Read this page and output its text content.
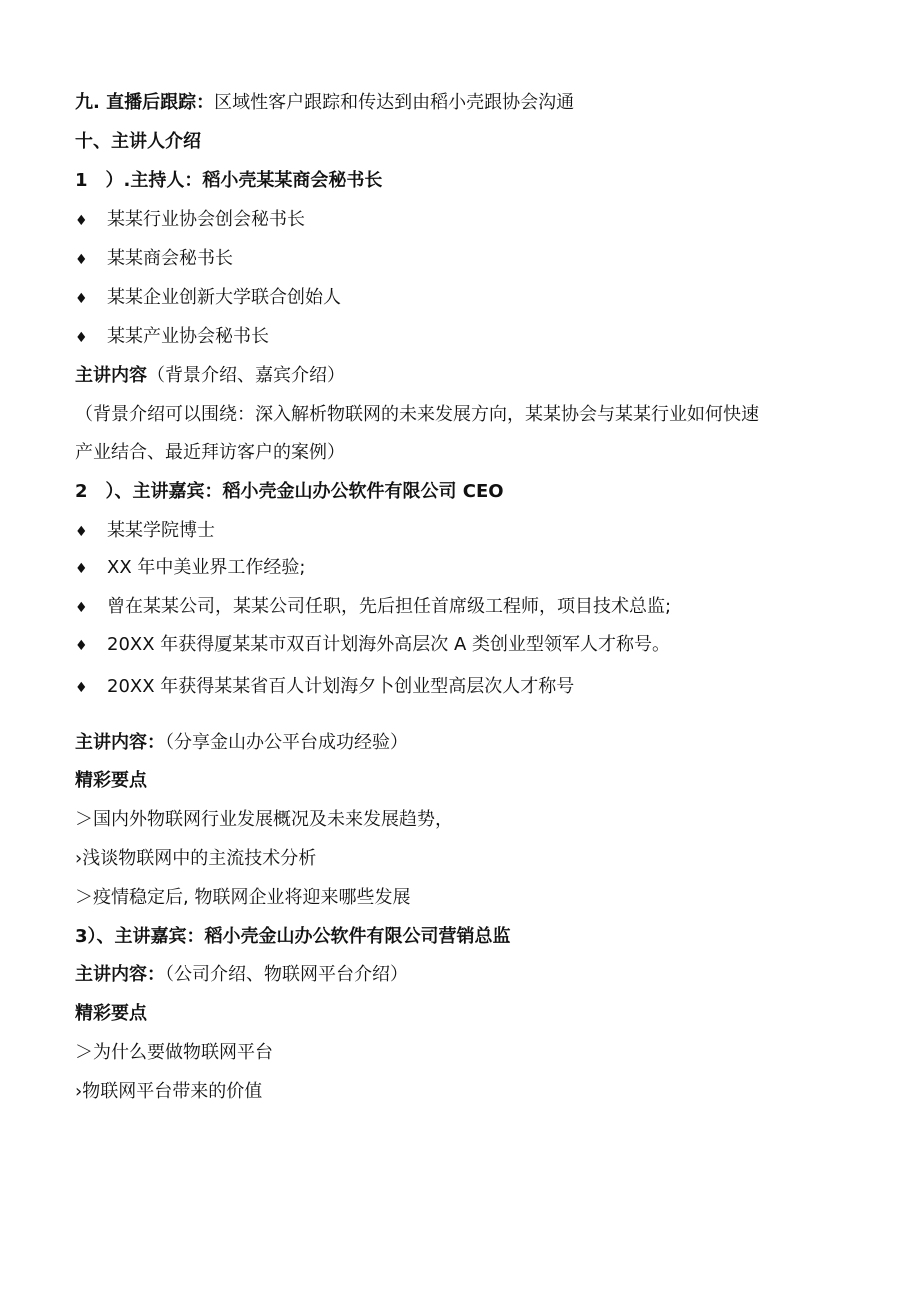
九. 直播后跟踪：区域性客户跟踪和传达到由稻小壳跟协会沟通
十、主讲人介绍
1　）.主持人：稻小壳某某商会秘书长
♦ 某某行业协会创会秘书长
♦ 某某商会秘书长
♦ 某某企业创新大学联合创始人
♦ 某某产业协会秘书长
主讲内容（背景介绍、嘉宾介绍）
（背景介绍可以围绕：深入解析物联网的未来发展方向，某某协会与某某行业如何快速
产业结合、最近拜访客户的案例）
2　）、主讲嘉宾：稻小壳金山办公软件有限公司 CEO
♦ 某某学院博士
♦ XX 年中美业界工作经验;
♦ 曾在某某公司，某某公司任职，先后担任首席级工程师，项目技术总监;
♦ 20XX 年获得厦某某市双百计划海外高层次 A 类创业型领军人才称号。
♦ 20XX 年获得某某省百人计划海夕卜创业型高层次人才称号
主讲内容：（分享金山办公平台成功经验）
精彩要点
＞国内外物联网行业发展概况及未来发展趋势，
›浅谈物联网中的主流技术分析
＞疫情稳定后, 物联网企业将迎来哪些发展
3）、主讲嘉宾：稻小壳金山办公软件有限公司营销总监
主讲内容：（公司介绍、物联网平台介绍）
精彩要点
＞为什么要做物联网平台
›物联网平台带来的价值
